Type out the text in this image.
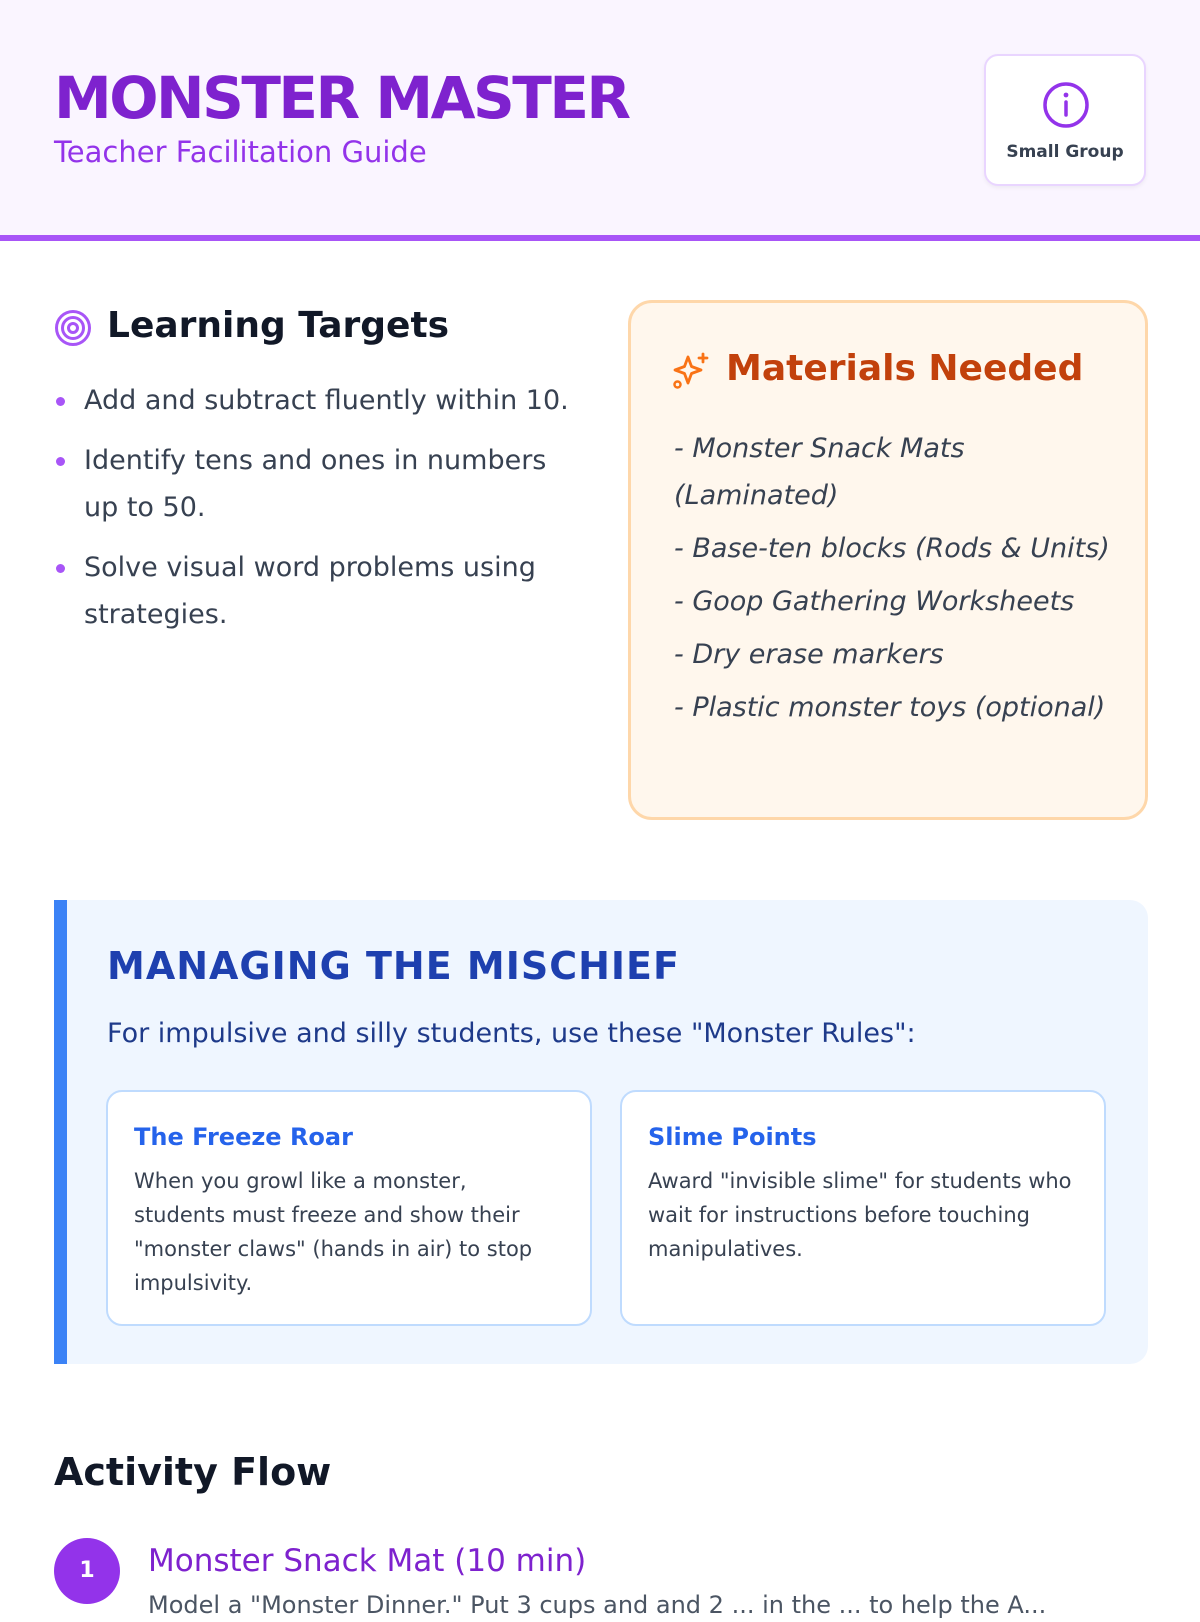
MONSTER MASTER
Teacher Facilitation Guide	Small Group
Learning Targets
Add and subtract fluently within 10.
Identify tens and ones in numbers up to 50.
Solve visual word problems using strategies.
Materials Needed
- Monster Snack Mats (Laminated)
- Base-ten blocks (Rods & Units)
- Goop Gathering Worksheets
- Dry erase markers
- Plastic monster toys (optional)
MANAGING THE MISCHIEF

For impulsive and silly students, use these "Monster Rules":

The Freeze Roar
When you growl like a monster, students must freeze and show their "monster claws" (hands in air) to stop impulsivity.
Slime Points
Award "invisible slime" for students who wait for instructions before touching manipulatives.
Activity Flow
1	Monster Snack Mat (10 min)
Model a "Monster Dinner." Put 3 cups and and 2 ... in the ... to help the A...
